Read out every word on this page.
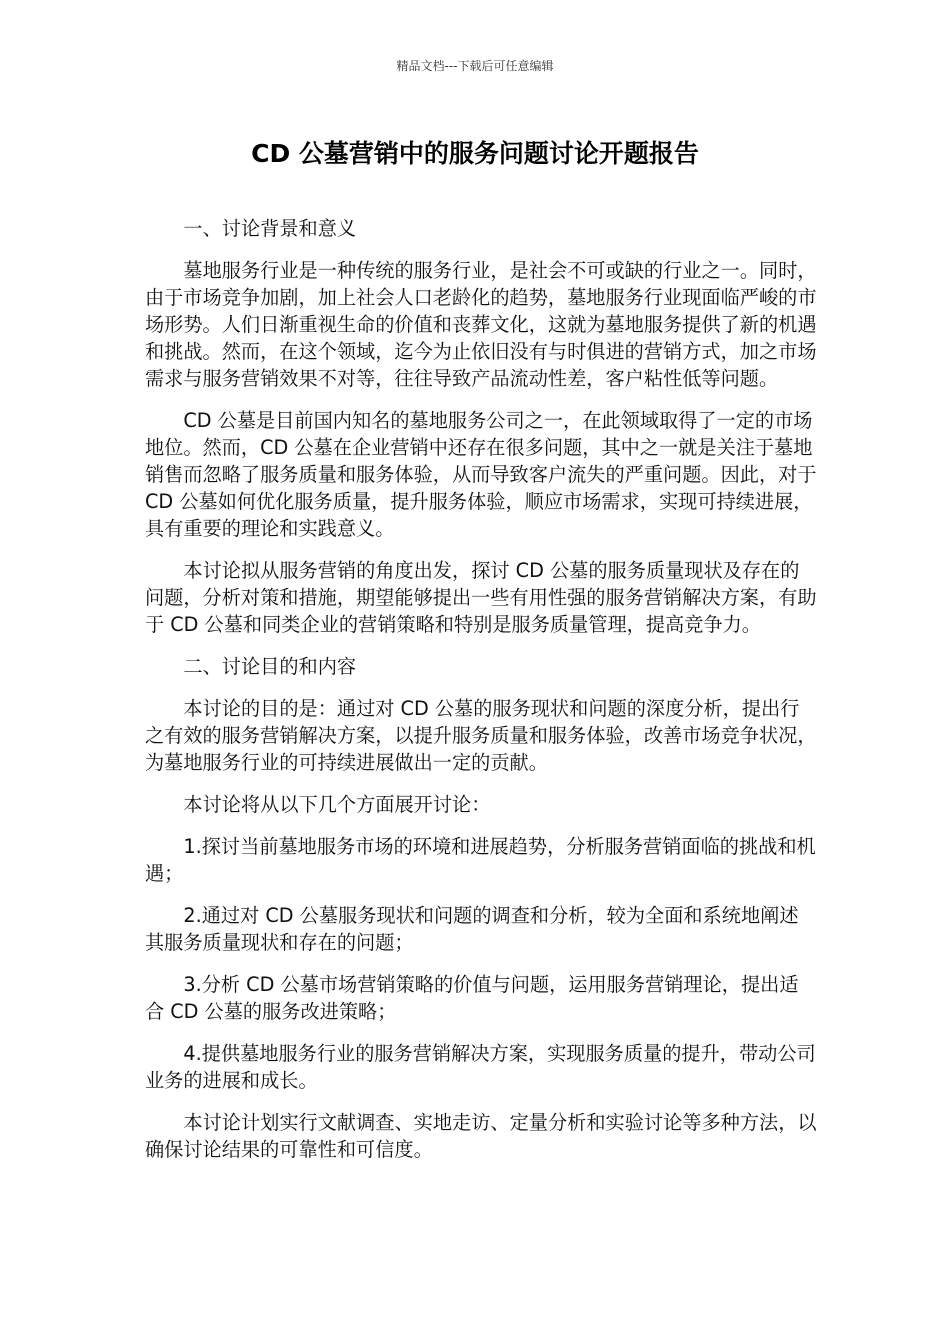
精品文档---下载后可任意编辑
CD 公墓营销中的服务问题讨论开题报告

一、讨论背景和意义

墓地服务行业是一种传统的服务行业，是社会不可或缺的行业之一。同时，由于市场竞争加剧，加上社会人口老龄化的趋势，墓地服务行业现面临严峻的市场形势。人们日渐重视生命的价值和丧葬文化，这就为墓地服务提供了新的机遇和挑战。然而，在这个领域，迄今为止依旧没有与时俱进的营销方式，加之市场需求与服务营销效果不对等，往往导致产品流动性差，客户粘性低等问题。

CD 公墓是目前国内知名的墓地服务公司之一，在此领域取得了一定的市场地位。然而，CD 公墓在企业营销中还存在很多问题，其中之一就是关注于墓地销售而忽略了服务质量和服务体验，从而导致客户流失的严重问题。因此，对于 CD 公墓如何优化服务质量，提升服务体验，顺应市场需求，实现可持续进展，具有重要的理论和实践意义。

本讨论拟从服务营销的角度出发，探讨 CD 公墓的服务质量现状及存在的问题，分析对策和措施，期望能够提出一些有用性强的服务营销解决方案，有助于 CD 公墓和同类企业的营销策略和特别是服务质量管理，提高竞争力。

二、讨论目的和内容

本讨论的目的是：通过对 CD 公墓的服务现状和问题的深度分析，提出行之有效的服务营销解决方案，以提升服务质量和服务体验，改善市场竞争状况，为墓地服务行业的可持续进展做出一定的贡献。

本讨论将从以下几个方面展开讨论：

1.探讨当前墓地服务市场的环境和进展趋势，分析服务营销面临的挑战和机遇；

2.通过对 CD 公墓服务现状和问题的调查和分析，较为全面和系统地阐述其服务质量现状和存在的问题；

3.分析 CD 公墓市场营销策略的价值与问题，运用服务营销理论，提出适合 CD 公墓的服务改进策略；

4.提供墓地服务行业的服务营销解决方案，实现服务质量的提升，带动公司业务的进展和成长。

本讨论计划实行文献调查、实地走访、定量分析和实验讨论等多种方法，以确保讨论结果的可靠性和可信度。
